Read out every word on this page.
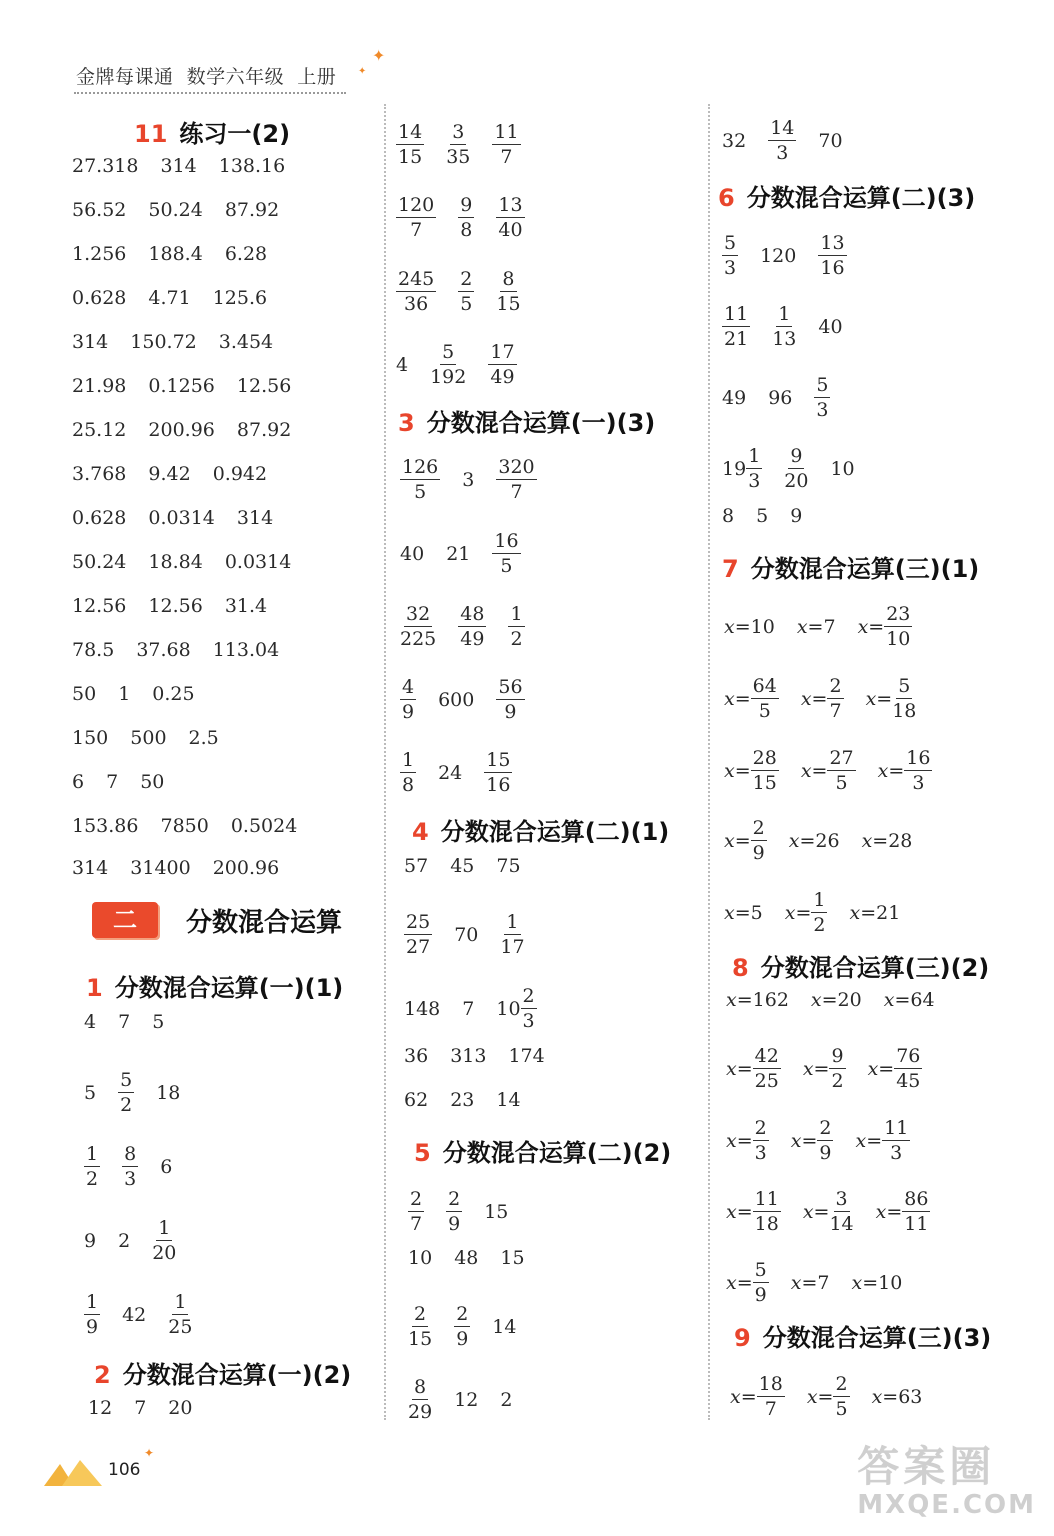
金牌每课通 数学六年级 上册
✦
✦
11 练习一(2)
二	分数混合运算
1 分数混合运算(一)(1)
2 分数混合运算(一)(2)
3 分数混合运算(一)(3)
4 分数混合运算(二)(1)
5 分数混合运算(二)(2)
6 分数混合运算(二)(3)
7 分数混合运算(三)(1)
8 分数混合运算(三)(2)
9 分数混合运算(三)(3)
27.318 314 138.16
56.52 50.24 87.92
1.256 188.4 6.28
0.628 4.71 125.6
314 150.72 3.454
21.98 0.1256 12.56
25.12 200.96 87.92
3.768 9.42 0.942
0.628 0.0314 314
50.24 18.84 0.0314
12.56 12.56 31.4
78.5 37.68 113.04
50 1 0.25
150 500 2.5
6 7 50
153.86 7850 0.5024
314 31400 200.96
4 7 5
5
5
2
18
1
2
8
3
6
9 2
1
20
1
9
42
1
25
12 7 20
14
15
3
35
11
7
120
7
9
8
13
40
245
36
2
5
8
15
4
5
192
17
49
126
5
3
320
7
40 21
16
5
32
225
48
49
1
2
4
9
600
56
9
1
8
24
15
16
57 45 75
25
27
70
1
17
148 7 10
2
3
36 313 174
62 23 14
2
7
2
9
15
10 48 15
2
15
2
9
14
8
29
12 2
32
14
3
70
5
3
120
13
16
11
21
1
13
40
49 96
5
3
19
1
3
9
20
10
8 5 9
x =10 x =7 x =
23
10
x =
64
5
x =
2
7
x =
5
18
x =
28
15
x =
27
5
x =
16
3
x =
2
9
x =26 x =28
x =5 x =
1
2
x =21
x =162 x =20 x =64
x =
42
25
x =
9
2
x =
76
45
x =
2
3
x =
2
9
x =
11
3
x =
11
18
x =
3
14
x =
86
11
x =
5
9
x =7 x =10
x =
18
7
x =
2
5
x =63
✦
106	答案圈
MXQE.COM
